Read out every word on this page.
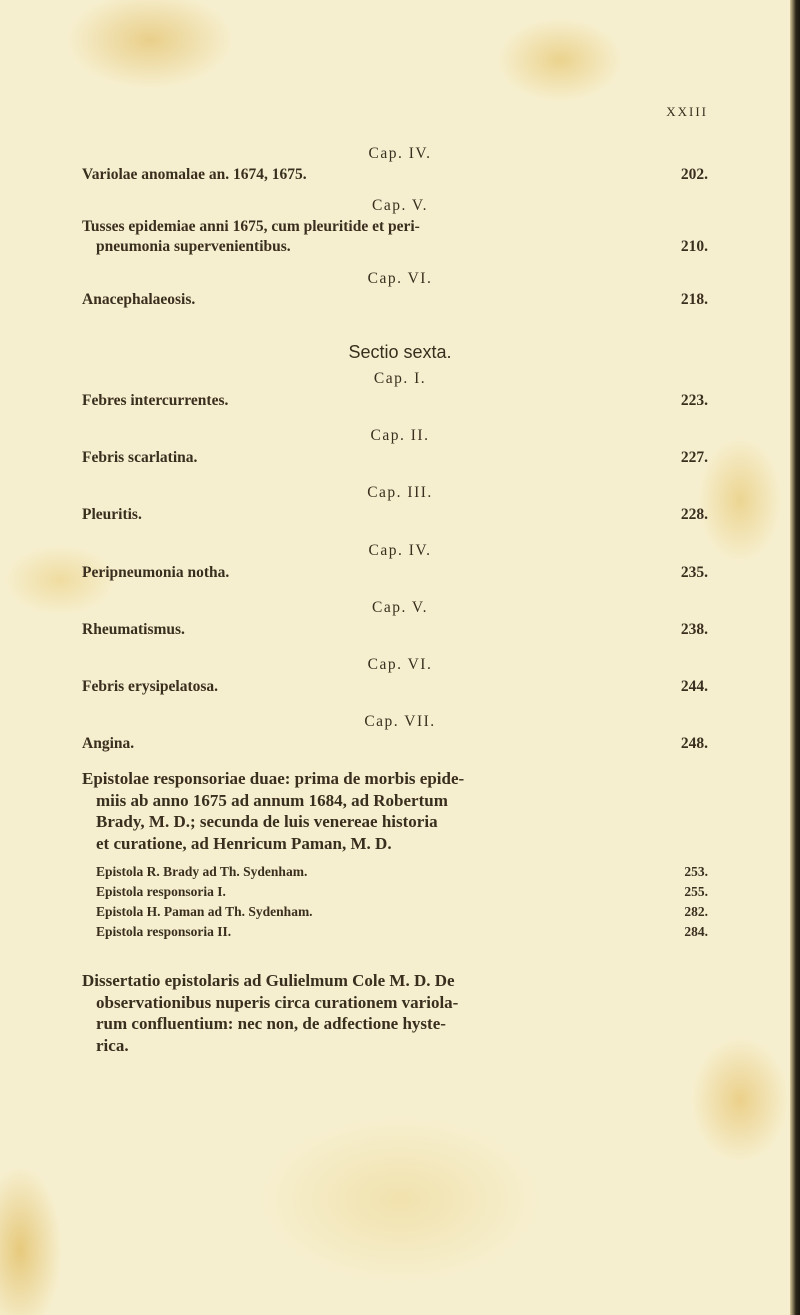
XXIII
Cap. IV.
Variolae anomalae an. 1674, 1675.	202.
Cap. V.
Tusses epidemiae anni 1675, cum pleuritide et peri-
pneumonia supervenientibus.	210.
Cap. VI.
Anacephalaeosis.	218.
Sectio sexta.
Cap. I.
Febres intercurrentes.	223.
Cap. II.
Febris scarlatina.	227.
Cap. III.
Pleuritis.	228.
Cap. IV.
Peripneumonia notha.	235.
Cap. V.
Rheumatismus.	238.
Cap. VI.
Febris erysipelatosa.	244.
Cap. VII.
Angina.	248.
Epistolae responsoriae duae: prima de morbis epide-
miis ab anno 1675 ad annum 1684, ad Robertum
Brady, M. D.; secunda de luis venereae historia
et curatione, ad Henricum Paman, M. D.
Epistola R. Brady ad Th. Sydenham.	253.
Epistola responsoria I.	255.
Epistola H. Paman ad Th. Sydenham.	282.
Epistola responsoria II.	284.
Dissertatio epistolaris ad Gulielmum Cole M. D. De
observationibus nuperis circa curationem variola-
rum confluentium: nec non, de adfectione hyste-
rica.
